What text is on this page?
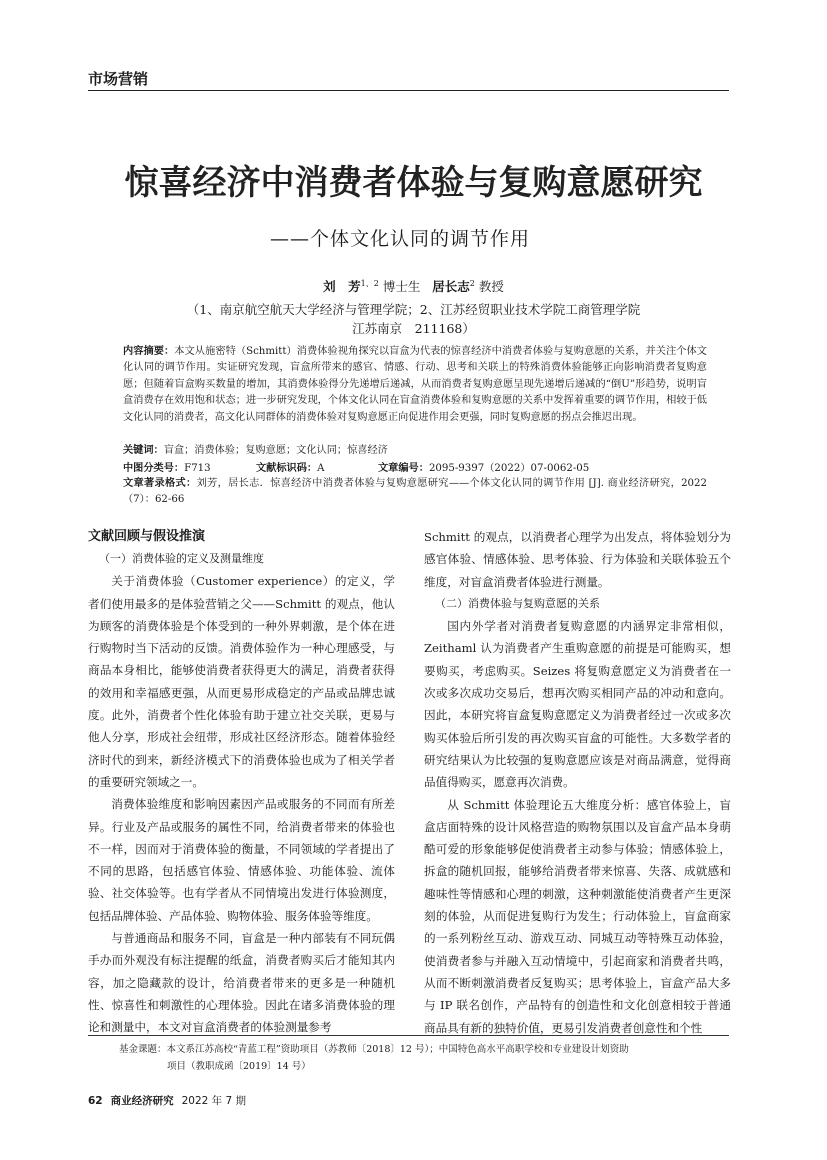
市场营销
惊喜经济中消费者体验与复购意愿研究
——个体文化认同的调节作用
刘　芳$^{1、2}$ 博士生 居长志$^2$ 教授
（1、南京航空航天大学经济与管理学院；2、江苏经贸职业技术学院工商管理学院
江苏南京　211168）
内容摘要：本文从施密特（Schmitt）消费体验视角探究以盲盒为代表的惊喜经济中消费者体验与复购意愿的关系，并关注个体文化认同的调节作用。实证研究发现，盲盒所带来的感官、情感、行动、思考和关联上的特殊消费体验能够正向影响消费者复购意愿；但随着盲盒购买数量的增加，其消费体验得分先递增后递减，从而消费者复购意愿呈现先递增后递减的“倒U”形趋势，说明盲盒消费存在效用饱和状态；进一步研究发现，个体文化认同在盲盒消费体验和复购意愿的关系中发挥着重要的调节作用，相较于低文化认同的消费者，高文化认同群体的消费体验对复购意愿正向促进作用会更强，同时复购意愿的拐点会推迟出现。
关键词：盲盒；消费体验；复购意愿；文化认同；惊喜经济
中图分类号：F713	文献标识码：A	文章编号：2095-9397（2022）07-0062-05
文章著录格式：刘芳，居长志．惊喜经济中消费者体验与复购意愿研究——个体文化认同的调节作用 [J]. 商业经济研究，2022（7）：62-66

文献回顾与假设推演

（一）消费体验的定义及测量维度

关于消费体验（Customer experience）的定义，学者们使用最多的是体验营销之父——Schmitt 的观点，他认为顾客的消费体验是个体受到的一种外界刺激，是个体在进行购物时当下活动的反馈。消费体验作为一种心理感受，与商品本身相比，能够使消费者获得更大的满足，消费者获得的效用和幸福感更强，从而更易形成稳定的产品或品牌忠诚度。此外，消费者个性化体验有助于建立社交关联，更易与他人分享，形成社会纽带，形成社区经济形态。随着体验经济时代的到来，新经济模式下的消费体验也成为了相关学者的重要研究领域之一。

消费体验维度和影响因素因产品或服务的不同而有所差异。行业及产品或服务的属性不同，给消费者带来的体验也不一样，因而对于消费体验的衡量，不同领域的学者提出了不同的思路，包括感官体验、情感体验、功能体验、流体验、社交体验等。也有学者从不同情境出发进行体验测度，包括品牌体验、产品体验、购物体验、服务体验等维度。

与普通商品和服务不同，盲盒是一种内部装有不同玩偶手办而外观没有标注提醒的纸盒，消费者购买后才能知其内容，加之隐藏款的设计，给消费者带来的更多是一种随机性、惊喜性和刺激性的心理体验。因此在诸多消费体验的理论和测量中，本文对盲盒消费者的体验测量参考

Schmitt 的观点，以消费者心理学为出发点，将体验划分为感官体验、情感体验、思考体验、行为体验和关联体验五个维度，对盲盒消费者体验进行测量。

（二）消费体验与复购意愿的关系

国内外学者对消费者复购意愿的内涵界定非常相似，Zeithaml 认为消费者产生重购意愿的前提是可能购买，想要购买，考虑购买。Seizes 将复购意愿定义为消费者在一次或多次成功交易后，想再次购买相同产品的冲动和意向。因此，本研究将盲盒复购意愿定义为消费者经过一次或多次购买体验后所引发的再次购买盲盒的可能性。大多数学者的研究结果认为比较强的复购意愿应该是对商品满意，觉得商品值得购买，愿意再次消费。

从 Schmitt 体验理论五大维度分析：感官体验上，盲盒店面特殊的设计风格营造的购物氛围以及盲盒产品本身萌酷可爱的形象能够促使消费者主动参与体验；情感体验上，拆盒的随机回报，能够给消费者带来惊喜、失落、成就感和趣味性等情感和心理的刺激，这种刺激能使消费者产生更深刻的体验，从而促进复购行为发生；行动体验上，盲盒商家的一系列粉丝互动、游戏互动、同城互动等特殊互动体验，使消费者参与并融入互动情境中，引起商家和消费者共鸣，从而不断刺激消费者反复购买；思考体验上，盲盒产品大多与 IP 联名创作，产品特有的创造性和文化创意相较于普通商品具有新的独特价值，更易引发消费者创意性和个性

基金课题：本文系江苏高校“青蓝工程”资助项目（苏教师〔2018〕12 号）；中国特色高水平高职学校和专业建设计划资助
项目（教职成函〔2019〕14 号）
62 商业经济研究 2022 年 7 期
